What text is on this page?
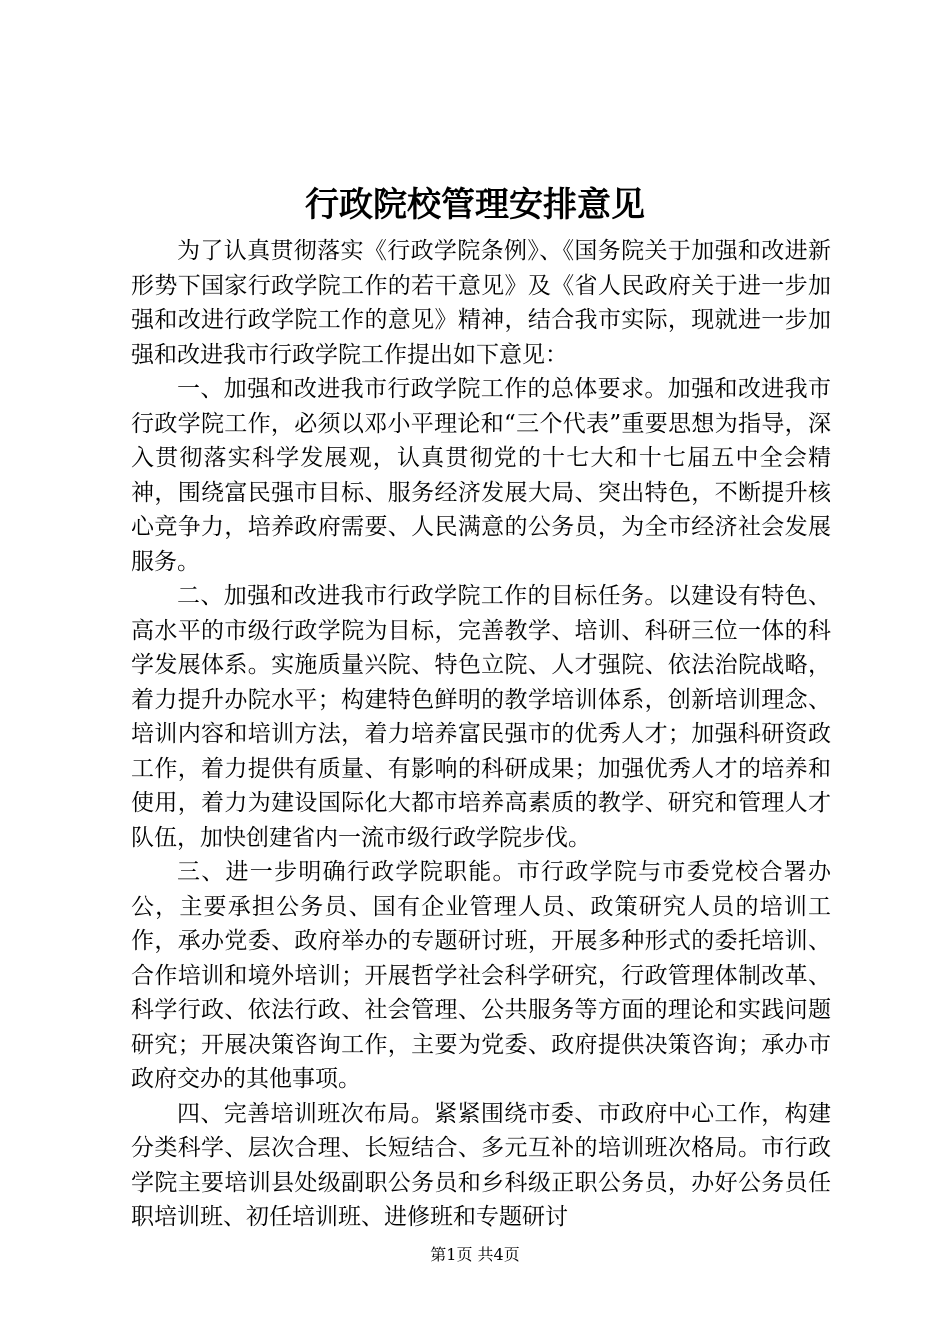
行政院校管理安排意见

为了认真贯彻落实《行政学院条例》、《国务院关于加强和改进新形势下国家行政学院工作的若干意见》及《省人民政府关于进一步加强和改进行政学院工作的意见》精神，结合我市实际，现就进一步加强和改进我市行政学院工作提出如下意见：

一、加强和改进我市行政学院工作的总体要求。加强和改进我市行政学院工作，必须以邓小平理论和“三个代表”重要思想为指导，深入贯彻落实科学发展观，认真贯彻党的十七大和十七届五中全会精神，围绕富民强市目标、服务经济发展大局、突出特色，不断提升核心竞争力，培养政府需要、人民满意的公务员，为全市经济社会发展服务。

二、加强和改进我市行政学院工作的目标任务。以建设有特色、高水平的市级行政学院为目标，完善教学、培训、科研三位一体的科学发展体系。实施质量兴院、特色立院、人才强院、依法治院战略，着力提升办院水平；构建特色鲜明的教学培训体系，创新培训理念、培训内容和培训方法，着力培养富民强市的优秀人才；加强科研资政工作，着力提供有质量、有影响的科研成果；加强优秀人才的培养和使用，着力为建设国际化大都市培养高素质的教学、研究和管理人才队伍，加快创建省内一流市级行政学院步伐。

三、进一步明确行政学院职能。市行政学院与市委党校合署办公，主要承担公务员、国有企业管理人员、政策研究人员的培训工作，承办党委、政府举办的专题研讨班，开展多种形式的委托培训、合作培训和境外培训；开展哲学社会科学研究，行政管理体制改革、科学行政、依法行政、社会管理、公共服务等方面的理论和实践问题研究；开展决策咨询工作，主要为党委、政府提供决策咨询；承办市政府交办的其他事项。

四、完善培训班次布局。紧紧围绕市委、市政府中心工作，构建分类科学、层次合理、长短结合、多元互补的培训班次格局。市行政学院主要培训县处级副职公务员和乡科级正职公务员，办好公务员任职培训班、初任培训班、进修班和专题研讨

第1页 共4页
